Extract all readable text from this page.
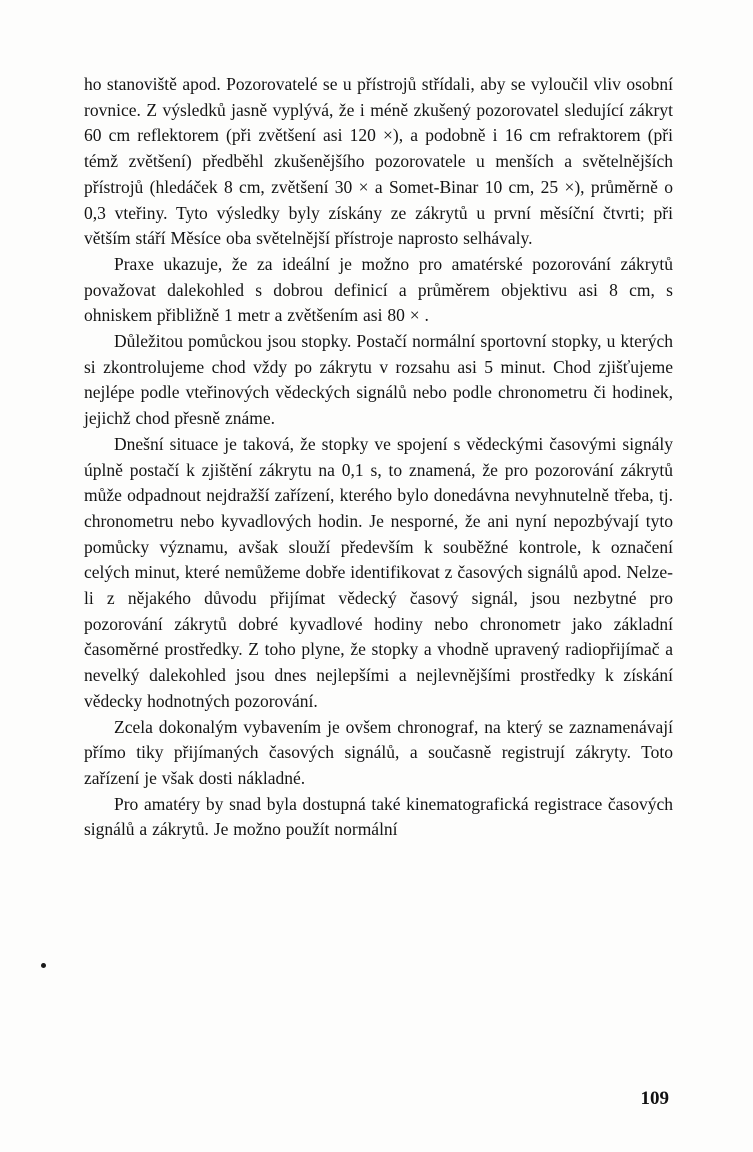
ho stanoviště apod. Pozorovatelé se u přístrojů střídali, aby se vyloučil vliv osobní rovnice. Z výsledků jasně vyplývá, že i méně zkušený pozorovatel sledující zákryt 60 cm reflektorem (při zvětšení asi 120 ×), a podobně i 16 cm refraktorem (při témž zvětšení) předběhl zkušenějšího pozorovatele u menších a světelnějších přístrojů (hledáček 8 cm, zvětšení 30 × a Somet-Binar 10 cm, 25 ×), průměrně o 0,3 vteřiny. Tyto výsledky byly získány ze zákrytů u první měsíční čtvrti; při větším stáří Měsíce oba světelnější přístroje naprosto selhávaly.

Praxe ukazuje, že za ideální je možno pro amatérské pozorování zákrytů považovat dalekohled s dobrou definicí a průměrem objektivu asi 8 cm, s ohniskem přibližně 1 metr a zvětšením asi 80 × .

Důležitou pomůckou jsou stopky. Postačí normální sportovní stopky, u kterých si zkontrolujeme chod vždy po zákrytu v rozsahu asi 5 minut. Chod zjišťujeme nejlépe podle vteřinových vědeckých signálů nebo podle chronometru či hodinek, jejichž chod přesně známe.

Dnešní situace je taková, že stopky ve spojení s vědeckými časovými signály úplně postačí k zjištění zákrytu na 0,1 s, to znamená, že pro pozorování zákrytů může odpadnout nejdražší zařízení, kterého bylo donedávna nevyhnutelně třeba, tj. chronometru nebo kyvadlových hodin. Je nesporné, že ani nyní nepozbývají tyto pomůcky významu, avšak slouží především k souběžné kontrole, k označení celých minut, které nemůžeme dobře identifikovat z časových signálů apod. Nelze-li z nějakého důvodu přijímat vědecký časový signál, jsou nezbytné pro pozorování zákrytů dobré kyvadlové hodiny nebo chronometr jako základní časoměrné prostředky. Z toho plyne, že stopky a vhodně upravený radiopřijímač a nevelký dalekohled jsou dnes nejlepšími a nejlevnějšími prostředky k získání vědecky hodnotných pozorování.

Zcela dokonalým vybavením je ovšem chronograf, na který se zaznamenávají přímo tiky přijímaných časových signálů, a současně registrují zákryty. Toto zařízení je však dosti nákladné.

Pro amatéry by snad byla dostupná také kinematografická registrace časových signálů a zákrytů. Je možno použít normální

109
